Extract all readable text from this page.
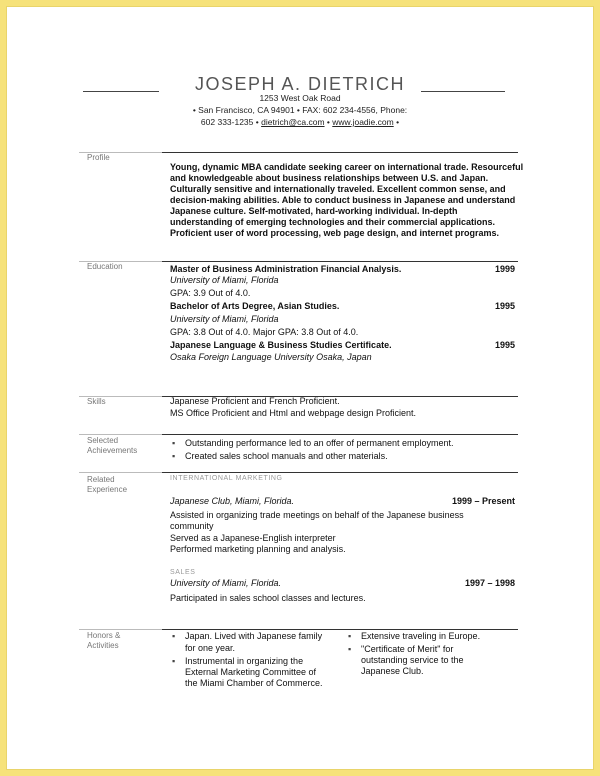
JOSEPH A. DIETRICH
1253 West Oak Road
• San Francisco, CA 94901 • FAX: 602 234-4556, Phone:
602 333-1235 • dietrich@ca.com • www.joadie.com •
Profile
Young, dynamic MBA candidate seeking career on international trade. Resourceful
and knowledgeable about business relationships between U.S. and Japan.
Culturally sensitive and internationally traveled. Excellent common sense, and
decision-making abilities. Able to conduct business in Japanese and understand
Japanese culture. Self-motivated, hard-working individual. In-depth
understanding of emerging technologies and their commercial applications.
Proficient user of word processing, web page design, and internet programs.
Education	Master of Business Administration Financial Analysis.	1999
University of Miami, Florida
GPA: 3.9 Out of 4.0.
Bachelor of Arts Degree, Asian Studies.	1995
University of Miami, Florida
GPA: 3.8 Out of 4.0. Major GPA: 3.8 Out of 4.0.
Japanese Language & Business Studies Certificate.	1995
Osaka Foreign Language University Osaka, Japan
Skills	Japanese Proficient and French Proficient.
MS Office Proficient and Html and webpage design Proficient.
Selected
Achievements
▪ Outstanding performance led to an offer of permanent employment.
▪ Created sales school manuals and other materials.
Related
Experience
INTERNATIONAL MARKETING
Japanese Club, Miami, Florida.	1999 – Present
Assisted in organizing trade meetings on behalf of the Japanese business
community
Served as a Japanese-English interpreter
Performed marketing planning and analysis.
SALES
University of Miami, Florida.	1997 – 1998
Participated in sales school classes and lectures.
Honors &
Activities
▪ Japan. Lived with Japanese family
for one year.
▪ Instrumental in organizing the
External Marketing Committee of
the Miami Chamber of Commerce.
▪ Extensive traveling in Europe.
▪ "Certificate of Merit" for
outstanding service to the
Japanese Club.
